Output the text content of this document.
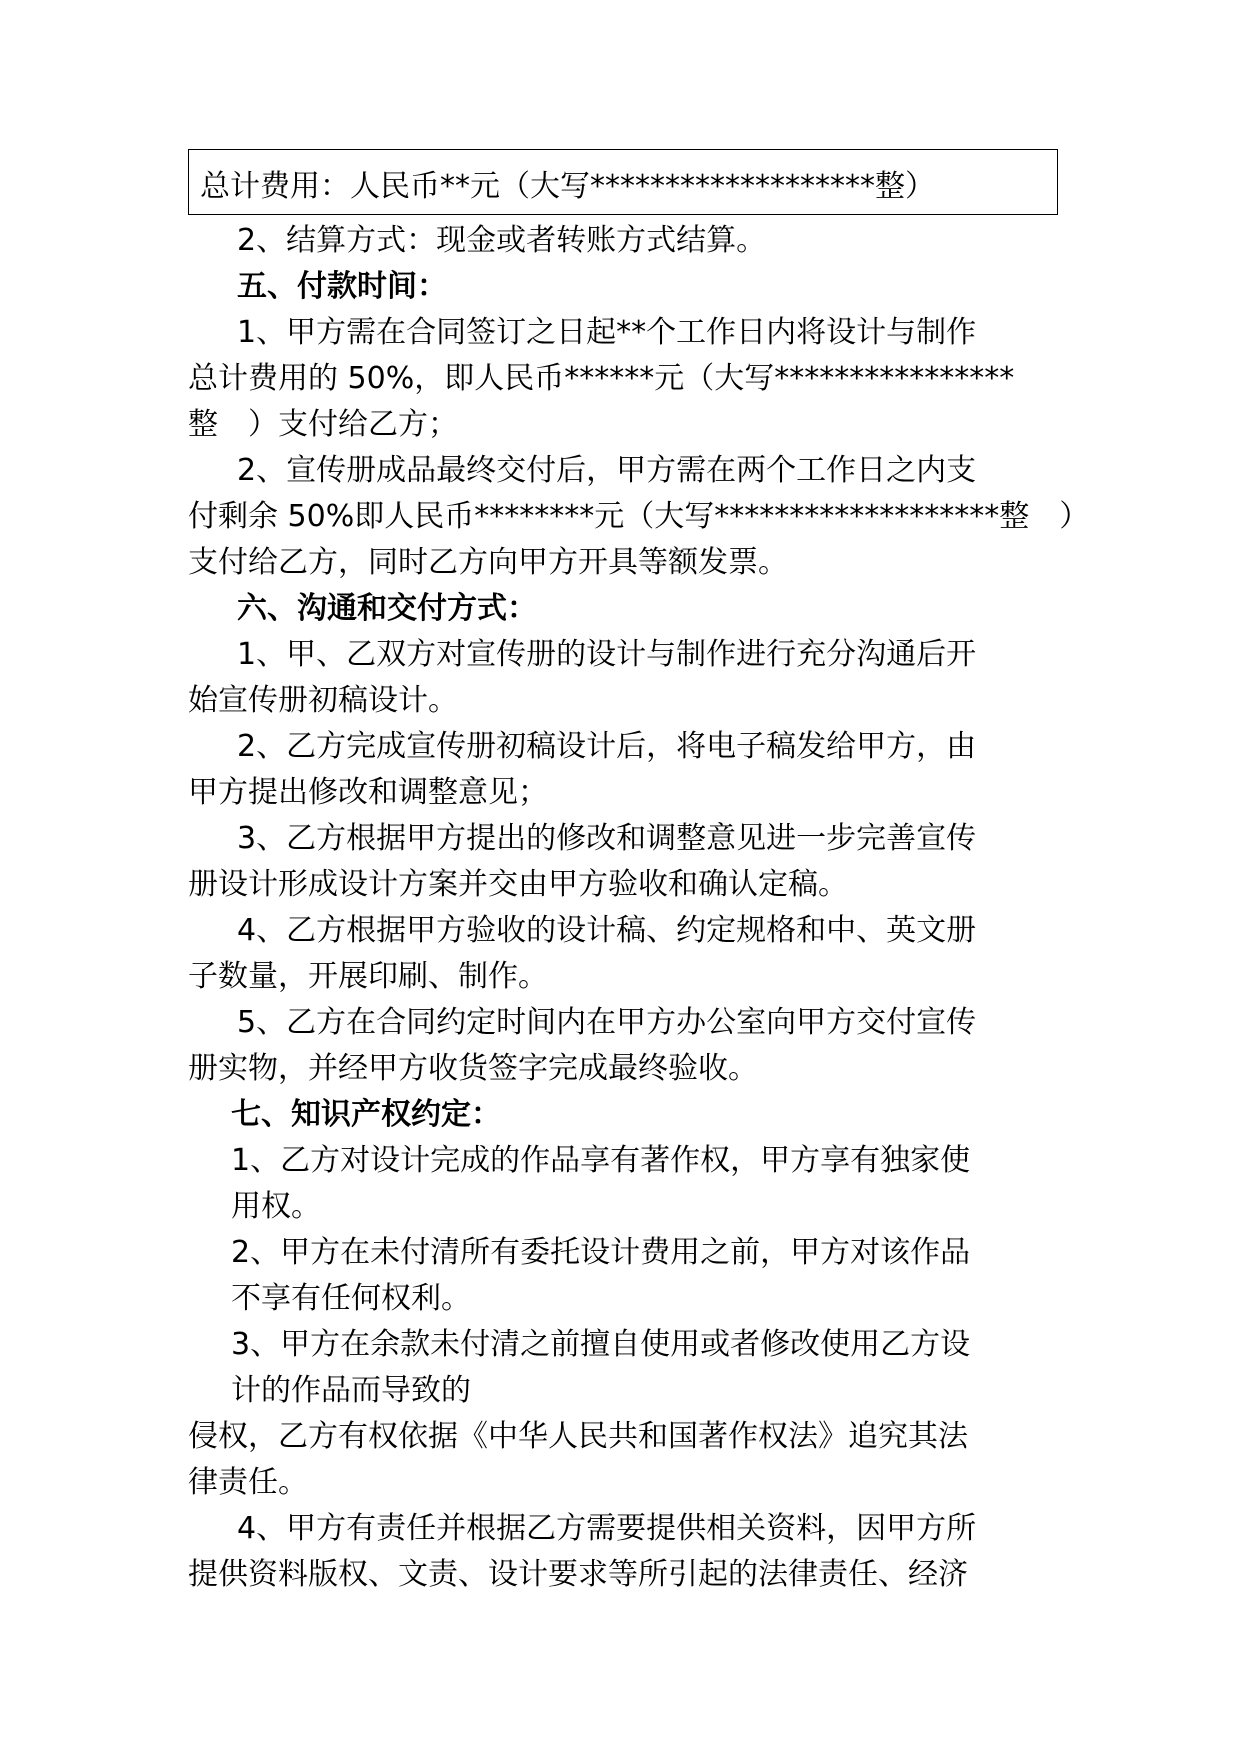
总计费用：人民币**元（大写*******************整）
2、结算方式：现金或者转账方式结算。
五、付款时间：
1、甲方需在合同签订之日起**个工作日内将设计与制作
总计费用的 50%，即人民币******元（大写****************
整　）支付给乙方；
2、宣传册成品最终交付后，甲方需在两个工作日之内支
付剩余 50%即人民币********元（大写*******************整　）
支付给乙方，同时乙方向甲方开具等额发票。
六、沟通和交付方式：
1、甲、乙双方对宣传册的设计与制作进行充分沟通后开
始宣传册初稿设计。
2、乙方完成宣传册初稿设计后，将电子稿发给甲方，由
甲方提出修改和调整意见；
3、乙方根据甲方提出的修改和调整意见进一步完善宣传
册设计形成设计方案并交由甲方验收和确认定稿。
4、乙方根据甲方验收的设计稿、约定规格和中、英文册
子数量，开展印刷、制作。
5、乙方在合同约定时间内在甲方办公室向甲方交付宣传
册实物，并经甲方收货签字完成最终验收。
七、知识产权约定：
1、乙方对设计完成的作品享有著作权，甲方享有独家使
用权。
2、甲方在未付清所有委托设计费用之前，甲方对该作品
不享有任何权利。
3、甲方在余款未付清之前擅自使用或者修改使用乙方设
计的作品而导致的
侵权，乙方有权依据《中华人民共和国著作权法》追究其法
律责任。
4、甲方有责任并根据乙方需要提供相关资料，因甲方所
提供资料版权、文责、设计要求等所引起的法律责任、经济
